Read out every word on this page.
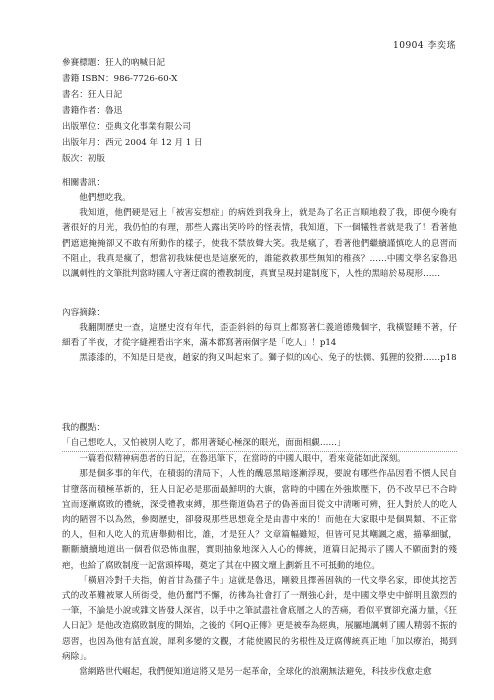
10904 李奕瑤
參賽標題：狂人的吶喊日記
書籍 ISBN：986-7726-60-X
書名：狂人日記
書籍作者：魯迅
出版單位：亞典文化事業有限公司
出版年月：西元 2004 年 12 月 1 日
版次：初版
相關書訊：

他們想吃我。

我知道，他們硬是冠上「被害妄想症」的病姓到我身上，就是為了名正言順地殺了我，即便今晚有著很好的月光，我仍怕的有理，那些人露出笑吟吟的怪表情，我知道，下一個犧牲者就是我了！看著他們遮遮掩掩卻又不敢有所動作的樣子，使我不禁放聲大笑。我是瘋了，看著他們繼續謹慎吃人的息習而不阻止，我真是瘋了，想當初我妹便也是這麼死的，誰能救救那些無知的稚孩？……中國文學名家魯迅以諷刺性的文筆批判當時國人守著迂腐的禮教制度，真實呈現封建制度下，人性的黑暗於易現形……

內容摘錄：

我翻開歷史一查，這歷史沒有年代，歪歪斜斜的每頁上都寫著仁義道德幾個字，我橫豎睡不著，仔細看了半夜，才從字縫裡看出字來，滿本都寫著兩個字是「吃人」！p14

黑漆漆的，不知是日是夜，趙家的狗又叫起來了。獅子似的凶心、兔子的怯儒、狐狸的狡猾……p18

我的觀點：

「自己想吃人，又怕被別人吃了，都用著疑心極深的眼光，面面相覷……」

一篇看似精神病患者的日記，在魯迅筆下，在當時的中國人眼中，看來竟能如此深刻。

那是個多事的年代，在積弱的清局下，人性的醜惡黑暗逐漸浮現，要說有哪些作品因看不慣人民自甘墮落而積極革新的，狂人日記必是那面最鮮明的大旗，當時的中國在外強欺壓下，仍不改早已不合時宜而逐漸腐敗的禮統，深受禮教束縛，那些衛道偽君子的偽善面目從文中清晰可辨，狂人對於人的吃人肉的陋習不以為然，參閱歷史，卻發現那些思想竟全是由書中來的！而他在大家眼中是個異類、不正常的人，但和人吃人的荒唐舉動相比，誰，才是狂人？文章篇幅雖短，但皆可見其嘲諷之處，描摹細膩，斷斷續續地道出一個看似恐怖血腥，實則抽象地深入人心的傳統，道篇日記揭示了國人不願面對的殘疤，也給了腐敗制度一記當頭棒喝，奠定了其在中國文壇上劃新且不可抵動的地位。

「橫眉冷對千夫指，俯首甘為孺子牛」這就是魯迅，剛毅且擇善固執的一代文學名家，即使其挖苦式的改革難被眾人所街受，他仍奮鬥不懈，彷彿為社會打了一劑強心針，是中國文學史中鮮明且激烈的一筆，不論是小說或雜文皆發人深省，以手中之筆試盡社會底層之人的苦痛，看似平實卻充滿力量，《狂人日記》是他改造腐敗制度的開始，之後的《阿Q正傳》更是被奉為經典，展屬地諷刺了國人精弱不振的惡習，也因為他有話直說，犀利多變的文觀，才能使國民的劣根性及迂腐傳統真正地「加以療治，揭到病除」。

當網路世代崛起，我們便知道這將又是另一起革命，全球化的浪潮無法避免，科技步伐愈走愈
